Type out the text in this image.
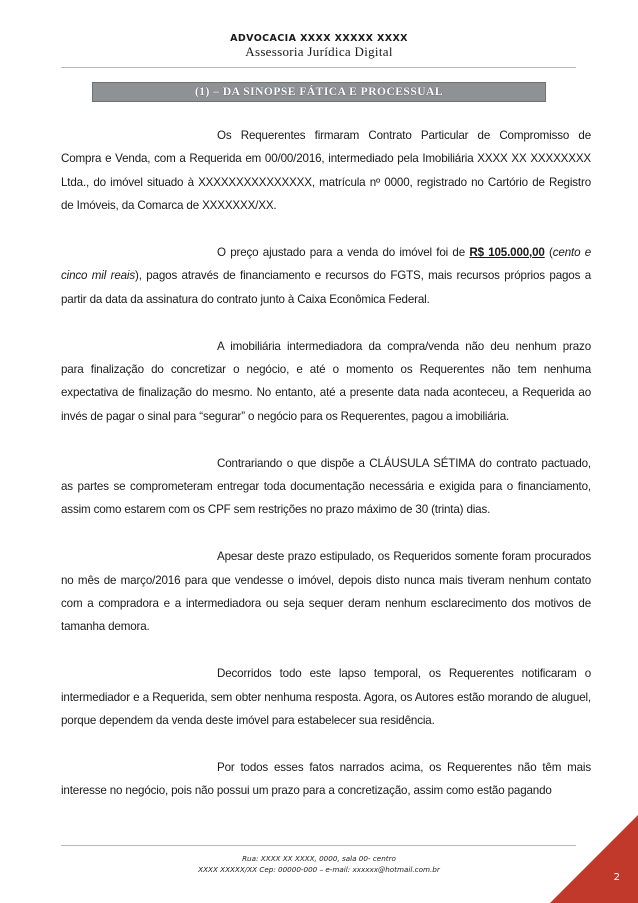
ADVOCACIA XXXX XXXXX XXXX
Assessoria Jurídica Digital
(1) – DA SINOPSE FÁTICA E PROCESSUAL

Os Requerentes firmaram Contrato Particular de Compromisso de Compra e Venda, com a Requerida em 00/00/2016, intermediado pela Imobiliária XXXX XX XXXXXXXX Ltda., do imóvel situado à XXXXXXXXXXXXXXX, matrícula nº 0000, registrado no Cartório de Registro de Imóveis, da Comarca de XXXXXXX/XX.

O preço ajustado para a venda do imóvel foi de R$ 105.000,00 (cento e cinco mil reais), pagos através de financiamento e recursos do FGTS, mais recursos próprios pagos a partir da data da assinatura do contrato junto à Caixa Econômica Federal.

A imobiliária intermediadora da compra/venda não deu nenhum prazo para finalização do concretizar o negócio, e até o momento os Requerentes não tem nenhuma expectativa de finalização do mesmo. No entanto, até a presente data nada aconteceu, a Requerida ao invés de pagar o sinal para “segurar” o negócio para os Requerentes, pagou a imobiliária.

Contrariando o que dispõe a CLÁUSULA SÉTIMA do contrato pactuado, as partes se comprometeram entregar toda documentação necessária e exigida para o financiamento, assim como estarem com os CPF sem restrições no prazo máximo de 30 (trinta) dias.

Apesar deste prazo estipulado, os Requeridos somente foram procurados no mês de março/2016 para que vendesse o imóvel, depois disto nunca mais tiveram nenhum contato com a compradora e a intermediadora ou seja sequer deram nenhum esclarecimento dos motivos de tamanha demora.

Decorridos todo este lapso temporal, os Requerentes notificaram o intermediador e a Requerida, sem obter nenhuma resposta. Agora, os Autores estão morando de aluguel, porque dependem da venda deste imóvel para estabelecer sua residência.

Por todos esses fatos narrados acima, os Requerentes não têm mais interesse no negócio, pois não possui um prazo para a concretização, assim como estão pagando

Rua: XXXX XX XXXX, 0000, sala 00- centro
XXXX XXXXX/XX Cep: 00000-000 – e-mail: xxxxxx@hotmail.com.br
2
